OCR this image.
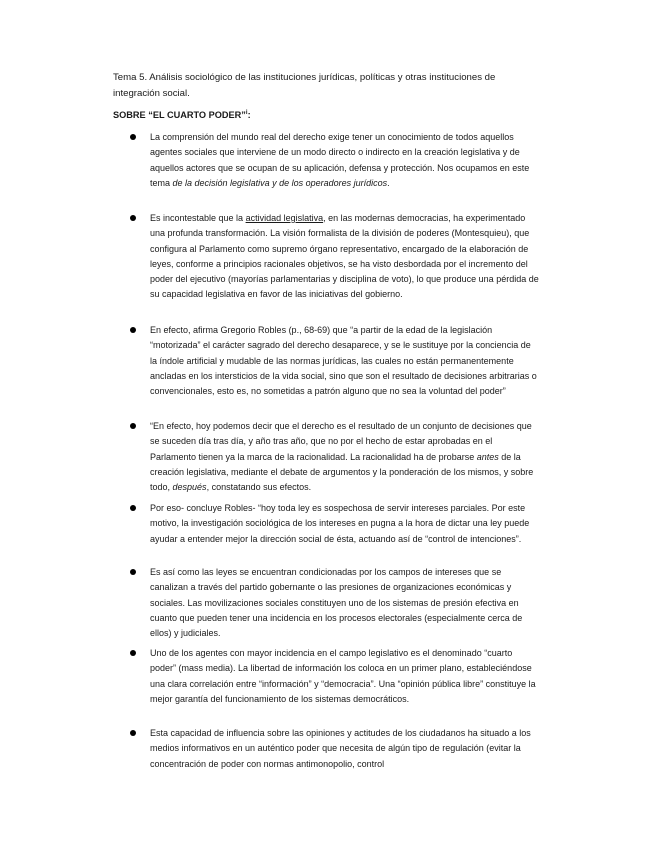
Tema 5. Análisis sociológico de las instituciones jurídicas, políticas y otras instituciones de
integración social.
SOBRE “EL CUARTO PODER”$^i$:

La comprensión del mundo real del derecho exige tener un conocimiento de todos aquellos agentes sociales que interviene de un modo directo o indirecto en la creación legislativa y de aquellos actores que se ocupan de su aplicación, defensa y protección. Nos ocupamos en este tema de la decisión legislativa y de los operadores jurídicos.

Es incontestable que la actividad legislativa, en las modernas democracias, ha experimentado una profunda transformación. La visión formalista de la división de poderes (Montesquieu), que configura al Parlamento como supremo órgano representativo, encargado de la elaboración de leyes, conforme a principios racionales objetivos, se ha visto desbordada por el incremento del poder del ejecutivo (mayorías parlamentarias y disciplina de voto), lo que produce una pérdida de su capacidad legislativa en favor de las iniciativas del gobierno.

En efecto, afirma Gregorio Robles (p., 68-69) que “a partir de la edad de la legislación “motorizada” el carácter sagrado del derecho desaparece, y se le sustituye por la conciencia de la índole artificial y mudable de las normas jurídicas, las cuales no están permanentemente ancladas en los intersticios de la vida social, sino que son el resultado de decisiones arbitrarias o convencionales, esto es, no sometidas a patrón alguno que no sea la voluntad del poder”

“En efecto, hoy podemos decir que el derecho es el resultado de un conjunto de decisiones que se suceden día tras día, y año tras año, que no por el hecho de estar aprobadas en el Parlamento tienen ya la marca de la racionalidad. La racionalidad ha de probarse antes de la creación legislativa, mediante el debate de argumentos y la ponderación de los mismos, y sobre todo, después, constatando sus efectos.

Por eso- concluye Robles- “hoy toda ley es sospechosa de servir intereses parciales. Por este motivo, la investigación sociológica de los intereses en pugna a la hora de dictar una ley puede ayudar a entender mejor la dirección social de ésta, actuando así de “control de intenciones”.

Es así como las leyes se encuentran condicionadas por los campos de intereses que se canalizan a través del partido gobernante o las presiones de organizaciones económicas y sociales. Las movilizaciones sociales constituyen uno de los sistemas de presión efectiva en cuanto que pueden tener una incidencia en los procesos electorales (especialmente cerca de ellos) y judiciales.

Uno de los agentes con mayor incidencia en el campo legislativo es el denominado “cuarto poder” (mass media). La libertad de información los coloca en un primer plano, estableciéndose una clara correlación entre “información” y “democracia”. Una “opinión pública libre” constituye la mejor garantía del funcionamiento de los sistemas democráticos.

Esta capacidad de influencia sobre las opiniones y actitudes de los ciudadanos ha situado a los medios informativos en un auténtico poder que necesita de algún tipo de regulación (evitar la concentración de poder con normas antimonopolio, control
